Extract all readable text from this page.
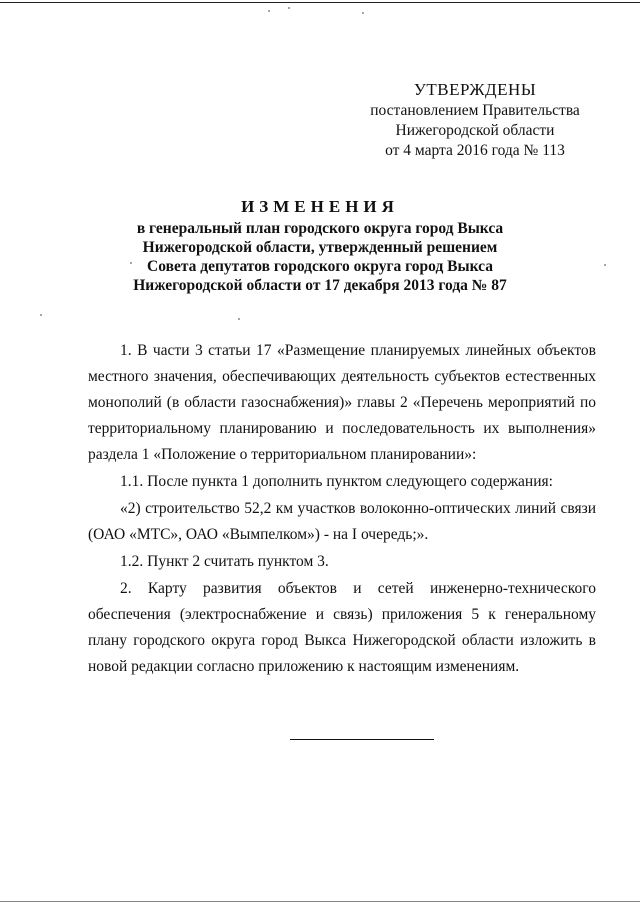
УТВЕРЖДЕНЫ
постановлением Правительства
Нижегородской области
от 4 марта 2016 года № 113
ИЗМЕНЕНИЯ
в генеральный план городского округа город Выкса
Нижегородской области, утвержденный решением
Совета депутатов городского округа город Выкса
Нижегородской области от 17 декабря 2013 года № 87

1. В части 3 статьи 17 «Размещение планируемых линейных объектов местного значения, обеспечивающих деятельность субъектов естественных монополий (в области газоснабжения)» главы 2 «Перечень мероприятий по территориальному планированию и последовательность их выполнения» раздела 1 «Положение о территориальном планировании»:

1.1. После пункта 1 дополнить пунктом следующего содержания:

«2) строительство 52,2 км участков волоконно-оптических линий связи (ОАО «МТС», ОАО «Вымпелком») - на I очередь;».

1.2. Пункт 2 считать пунктом 3.

2. Карту развития объектов и сетей инженерно-технического обеспечения (электроснабжение и связь) приложения 5 к генеральному плану городского округа город Выкса Нижегородской области изложить в новой редакции согласно приложению к настоящим изменениям.
